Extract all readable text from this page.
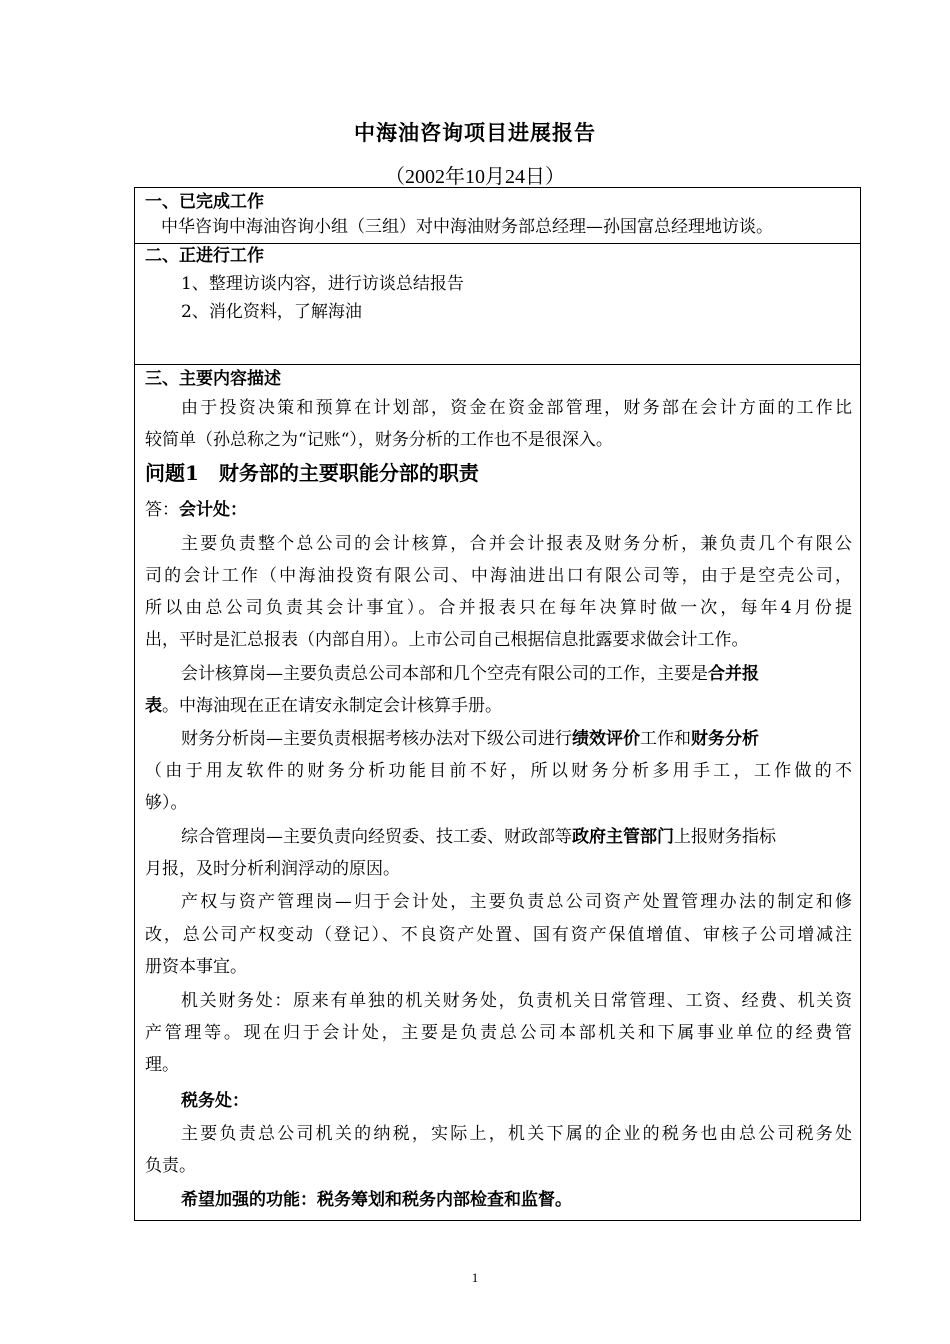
中海油咨询项目进展报告
（2002年10月24日）
一、已完成工作
中华咨询中海油咨询小组（三组）对中海油财务部总经理—孙国富总经理地访谈。
二、正进行工作
1、整理访谈内容，进行访谈总结报告
2、消化资料，了解海油
三、主要内容描述
由于投资决策和预算在计划部，资金在资金部管理，财务部在会计方面的工作比
较简单（孙总称之为“记账“），财务分析的工作也不是很深入。
问题1　财务部的主要职能分部的职责
答：会计处：
主要负责整个总公司的会计核算，合并会计报表及财务分析，兼负责几个有限公
司的会计工作（中海油投资有限公司、中海油进出口有限公司等，由于是空壳公司，
所以由总公司负责其会计事宜）。合并报表只在每年决算时做一次，每年4月份提
出，平时是汇总报表（内部自用）。上市公司自己根据信息批露要求做会计工作。
会计核算岗—主要负责总公司本部和几个空壳有限公司的工作，主要是合并报
表。中海油现在正在请安永制定会计核算手册。
财务分析岗—主要负责根据考核办法对下级公司进行绩效评价工作和财务分析
（由于用友软件的财务分析功能目前不好，所以财务分析多用手工，工作做的不
够）。
综合管理岗—主要负责向经贸委、技工委、财政部等政府主管部门上报财务指标
月报，及时分析利润浮动的原因。
产权与资产管理岗—归于会计处，主要负责总公司资产处置管理办法的制定和修
改，总公司产权变动（登记）、不良资产处置、国有资产保值增值、审核子公司增减注
册资本事宜。
机关财务处：原来有单独的机关财务处，负责机关日常管理、工资、经费、机关资
产管理等。现在归于会计处，主要是负责总公司本部机关和下属事业单位的经费管
理。
税务处：
主要负责总公司机关的纳税，实际上，机关下属的企业的税务也由总公司税务处
负责。
希望加强的功能：税务筹划和税务内部检查和监督。
1
